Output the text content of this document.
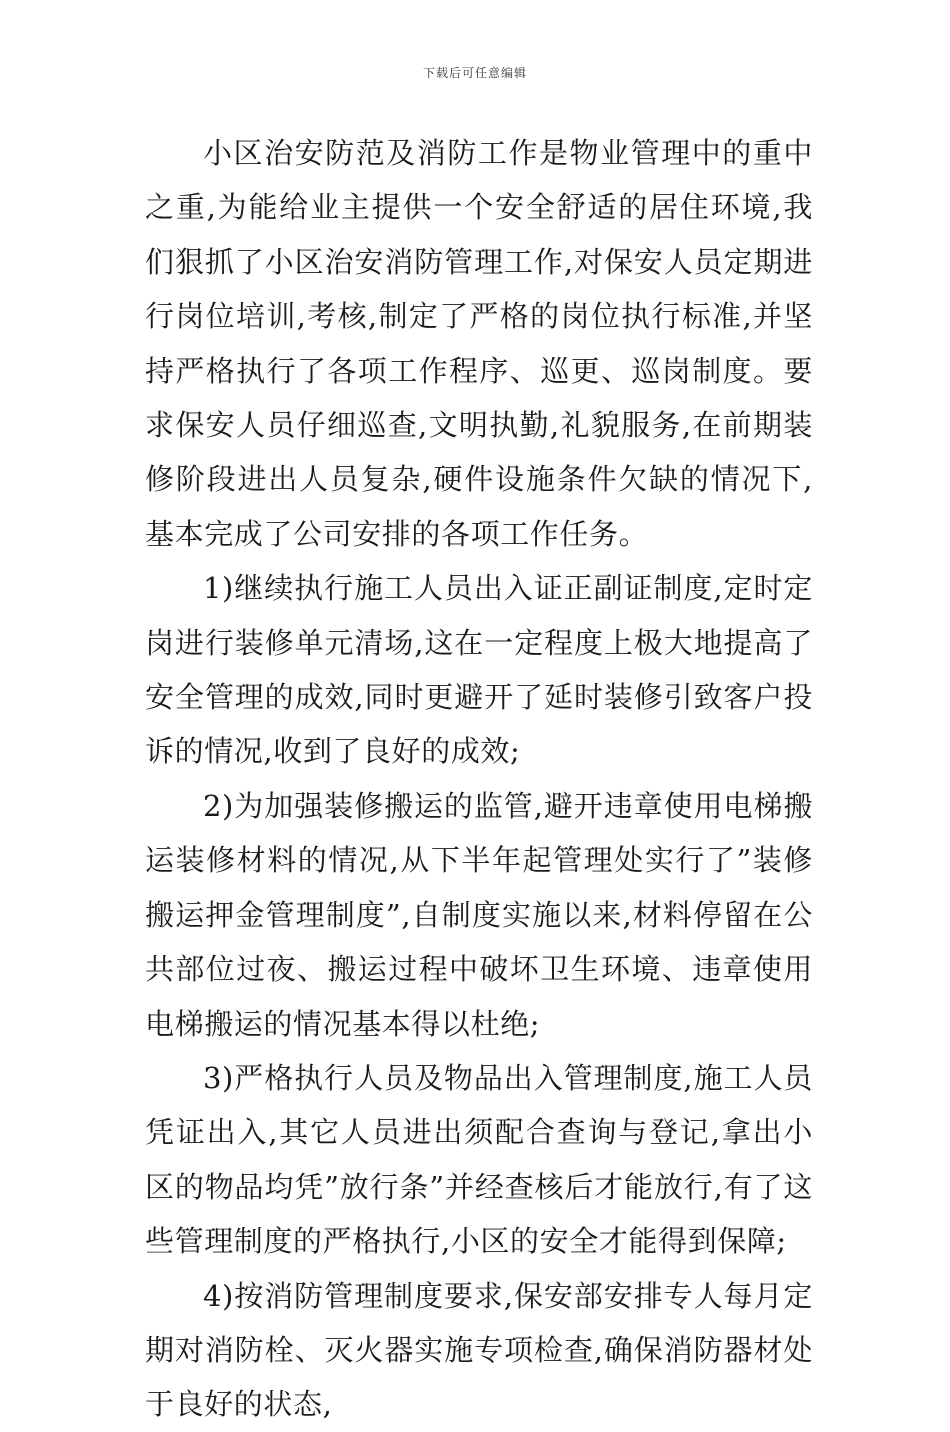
下载后可任意编辑

小区治安防范及消防工作是物业管理中的重中之重,为能给业主提供一个安全舒适的居住环境,我们狠抓了小区治安消防管理工作,对保安人员定期进行岗位培训,考核,制定了严格的岗位执行标准,并坚持严格执行了各项工作程序、巡更、巡岗制度。要求保安人员仔细巡查,文明执勤,礼貌服务,在前期装修阶段进出人员复杂,硬件设施条件欠缺的情况下,基本完成了公司安排的各项工作任务。

1)继续执行施工人员出入证正副证制度,定时定岗进行装修单元清场,这在一定程度上极大地提高了安全管理的成效,同时更避开了延时装修引致客户投诉的情况,收到了良好的成效;

2)为加强装修搬运的监管,避开违章使用电梯搬运装修材料的情况,从下半年起管理处实行了”装修搬运押金管理制度”,自制度实施以来,材料停留在公共部位过夜、搬运过程中破坏卫生环境、违章使用电梯搬运的情况基本得以杜绝;

3)严格执行人员及物品出入管理制度,施工人员凭证出入,其它人员进出须配合查询与登记,拿出小区的物品均凭”放行条”并经查核后才能放行,有了这些管理制度的严格执行,小区的安全才能得到保障;

4)按消防管理制度要求,保安部安排专人每月定期对消防栓、灭火器实施专项检查,确保消防器材处于良好的状态,
